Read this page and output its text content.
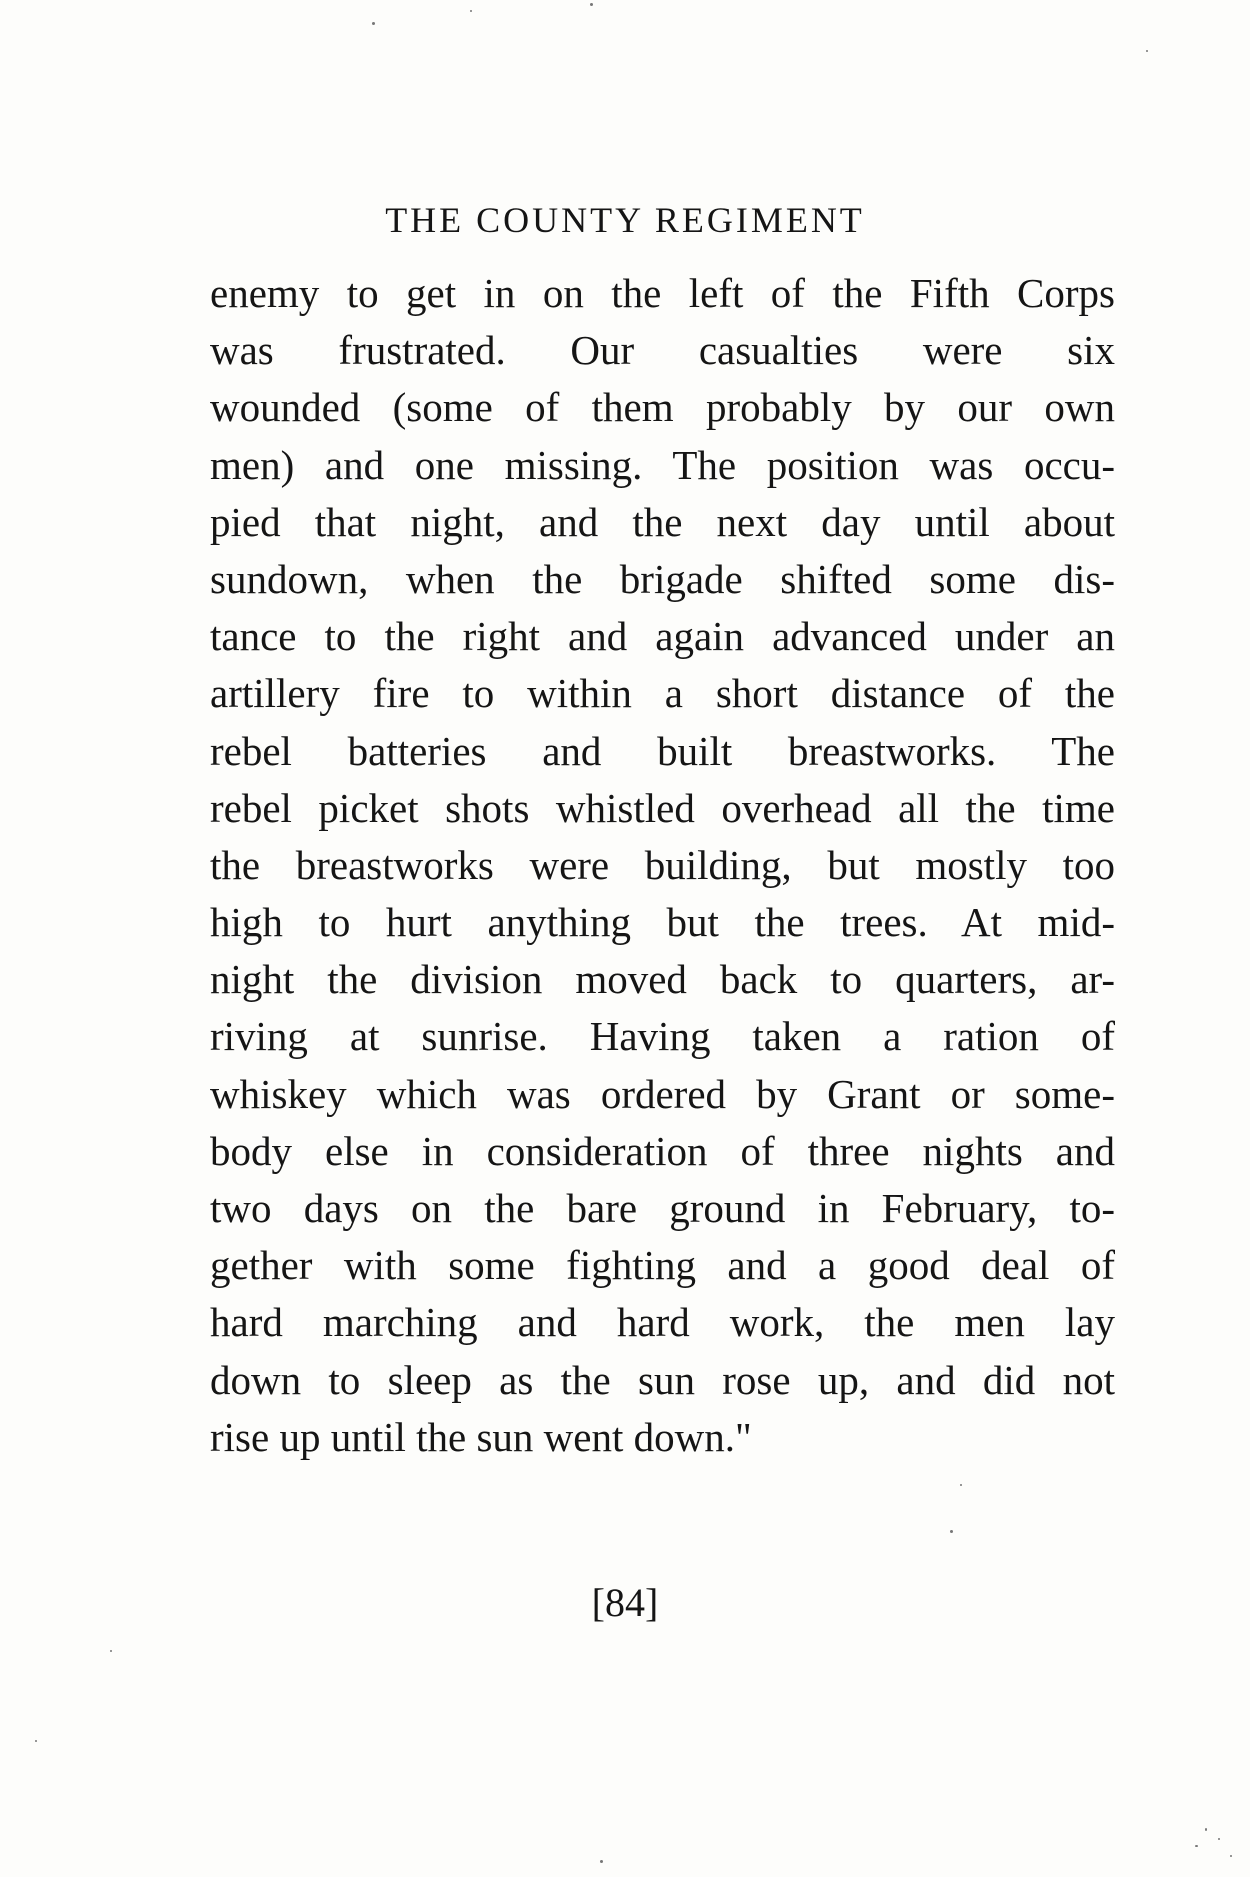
THE COUNTY REGIMENT
enemy to get in on the left of the Fifth Corps
was frustrated. Our casualties were six
wounded (some of them probably by our own
men) and one missing. The position was occu-
pied that night, and the next day until about
sundown, when the brigade shifted some dis-
tance to the right and again advanced under an
artillery fire to within a short distance of the
rebel batteries and built breastworks. The
rebel picket shots whistled overhead all the time
the breastworks were building, but mostly too
high to hurt anything but the trees. At mid-
night the division moved back to quarters, ar-
riving at sunrise. Having taken a ration of
whiskey which was ordered by Grant or some-
body else in consideration of three nights and
two days on the bare ground in February, to-
gether with some fighting and a good deal of
hard marching and hard work, the men lay
down to sleep as the sun rose up, and did not
rise up until the sun went down."
[84]
